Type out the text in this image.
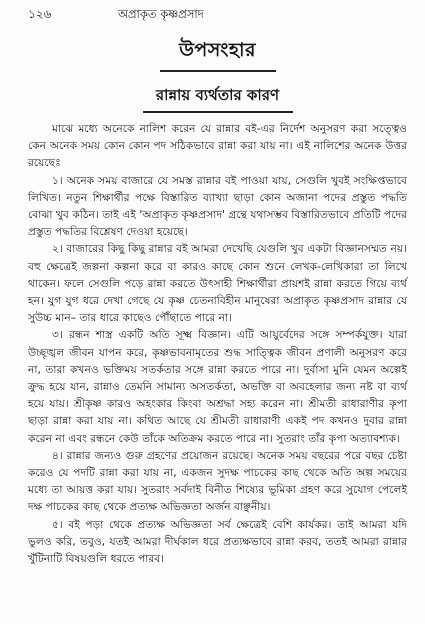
১২৬	অপ্রাকৃত কৃষ্ণপ্রসাদ
উপসংহার
রান্নায় ব্যর্থতার কারণ

মাঝে মধ্যে অনেকে নালিশ করেন যে রান্নার বই-এর নির্দেশ অনুসরণ করা সত্ত্বেও কেন অনেক সময় কোন কোন পদ সঠিকভাবে রান্না করা যায় না। এই নালিশের অনেক উত্তর রয়েছেঃ

১। অনেক সময় বাজারে যে সমস্ত রান্নার বই পাওয়া যায়, সেগুলি খুবই সংক্ষিপ্তভাবে লিখিত। নতুন শিক্ষার্থীর পক্ষে বিস্তারিত ব্যাখ্যা ছাড়া কোন অজানা পদের প্রস্তুত পদ্ধতি বোঝা খুব কঠিন। তাই এই 'অপ্রাকৃত কৃষ্ণপ্রসাদ' গ্রন্থে যথাসম্ভব বিস্তারিতভাবে প্রতিটি পদের প্রস্তুত পদ্ধতির বিশ্লেষণ দেওয়া হয়েছে।

২। বাজারের কিছু কিছু রান্নার বই আমরা দেখেছি যেগুলি খুব একটা বিজ্ঞানসম্মত নয়। বহু ক্ষেত্রেই জল্পনা কল্পনা করে বা কারও কাছে কোন শুনে লেখক-লেখিকারা তা লিখে থাকেন। ফলে সেগুলি পড়ে রান্না করতে উৎসাহী শিক্ষার্থীরা প্রায়শই রান্না করতে গিয়ে ব্যর্থ হন। যুগ যুগ ধরে দেখা গেছে যে কৃষ্ণ চেতনাবিহীন মানুষেরা অপ্রাকৃত কৃষ্ণপ্রসাদ রান্নার যে সুউচ্চ মান– তার ধারে কাছেও পৌঁছাতে পারে না।

৩। রন্ধন শাস্ত্র একটি অতি সূক্ষ্ম বিজ্ঞান। এটি আয়ুর্বেদের সঙ্গে সম্পর্কযুক্ত। যারা উচ্ছৃঙ্খল জীবন যাপন করে, কৃষ্ণভাবনামৃতের শুদ্ধ সাত্ত্বিক জীবন প্রণালী অনুসরণ করে না, তারা কখনও ভক্তিময় সতর্কতার সঙ্গে রান্না করতে পারে না। দুর্বাসা মুনি যেমন অল্পেই ক্রুদ্ধ হয়ে যান, রান্নাও তেমনি সামান্য অসতর্কতা, অভক্তি বা অবহেলার জন্য নষ্ট বা ব্যর্থ হয়ে যায়। শ্রীকৃষ্ণ কারও অহংকার কিংবা অশ্রদ্ধা সহ্য করেন না। শ্রীমতী রাধারাণীর কৃপা ছাড়া রান্না করা যায় না। কথিত আছে যে শ্রীমতী রাধারাণী একই পদ কখনও দুবার রান্না করেন না এবং রন্ধনে কেউ তাঁকে অতিক্রম করতে পারে না। সুতরাং তাঁর কৃপা অত্যাবশ্যক।

৪। রান্নার জন্যও গুরু গ্রহণের প্রয়োজন রয়েছে। অনেক সময় বছরের পরে বছর চেষ্টা করেও যে পদটি রান্না করা যায় না, একজন সুদক্ষ পাচকের কাছ থেকে অতি অল্প সময়ের মধ্যে তা আয়ত্ত করা যায়। সুতরাং সর্বদাই বিনীত শিষ্যের ভূমিকা গ্রহণ করে সুযোগ পেলেই দক্ষ পাচকের কাছ থেকে প্রত্যক্ষ অভিজ্ঞতা অর্জন বাঞ্ছনীয়।

৫। বই পড়া থেকে প্রত্যক্ষ অভিজ্ঞতা সর্ব ক্ষেত্রেই বেশি কার্যকর। তাই আমরা যদি ভুলও করি, তবুও, যতই আমরা দীর্ঘকাল ধরে প্রত্যক্ষভাবে রান্না করব, ততই আমরা রান্নার খুঁটিনাটি বিষয়গুলি ধরতে পারব।
